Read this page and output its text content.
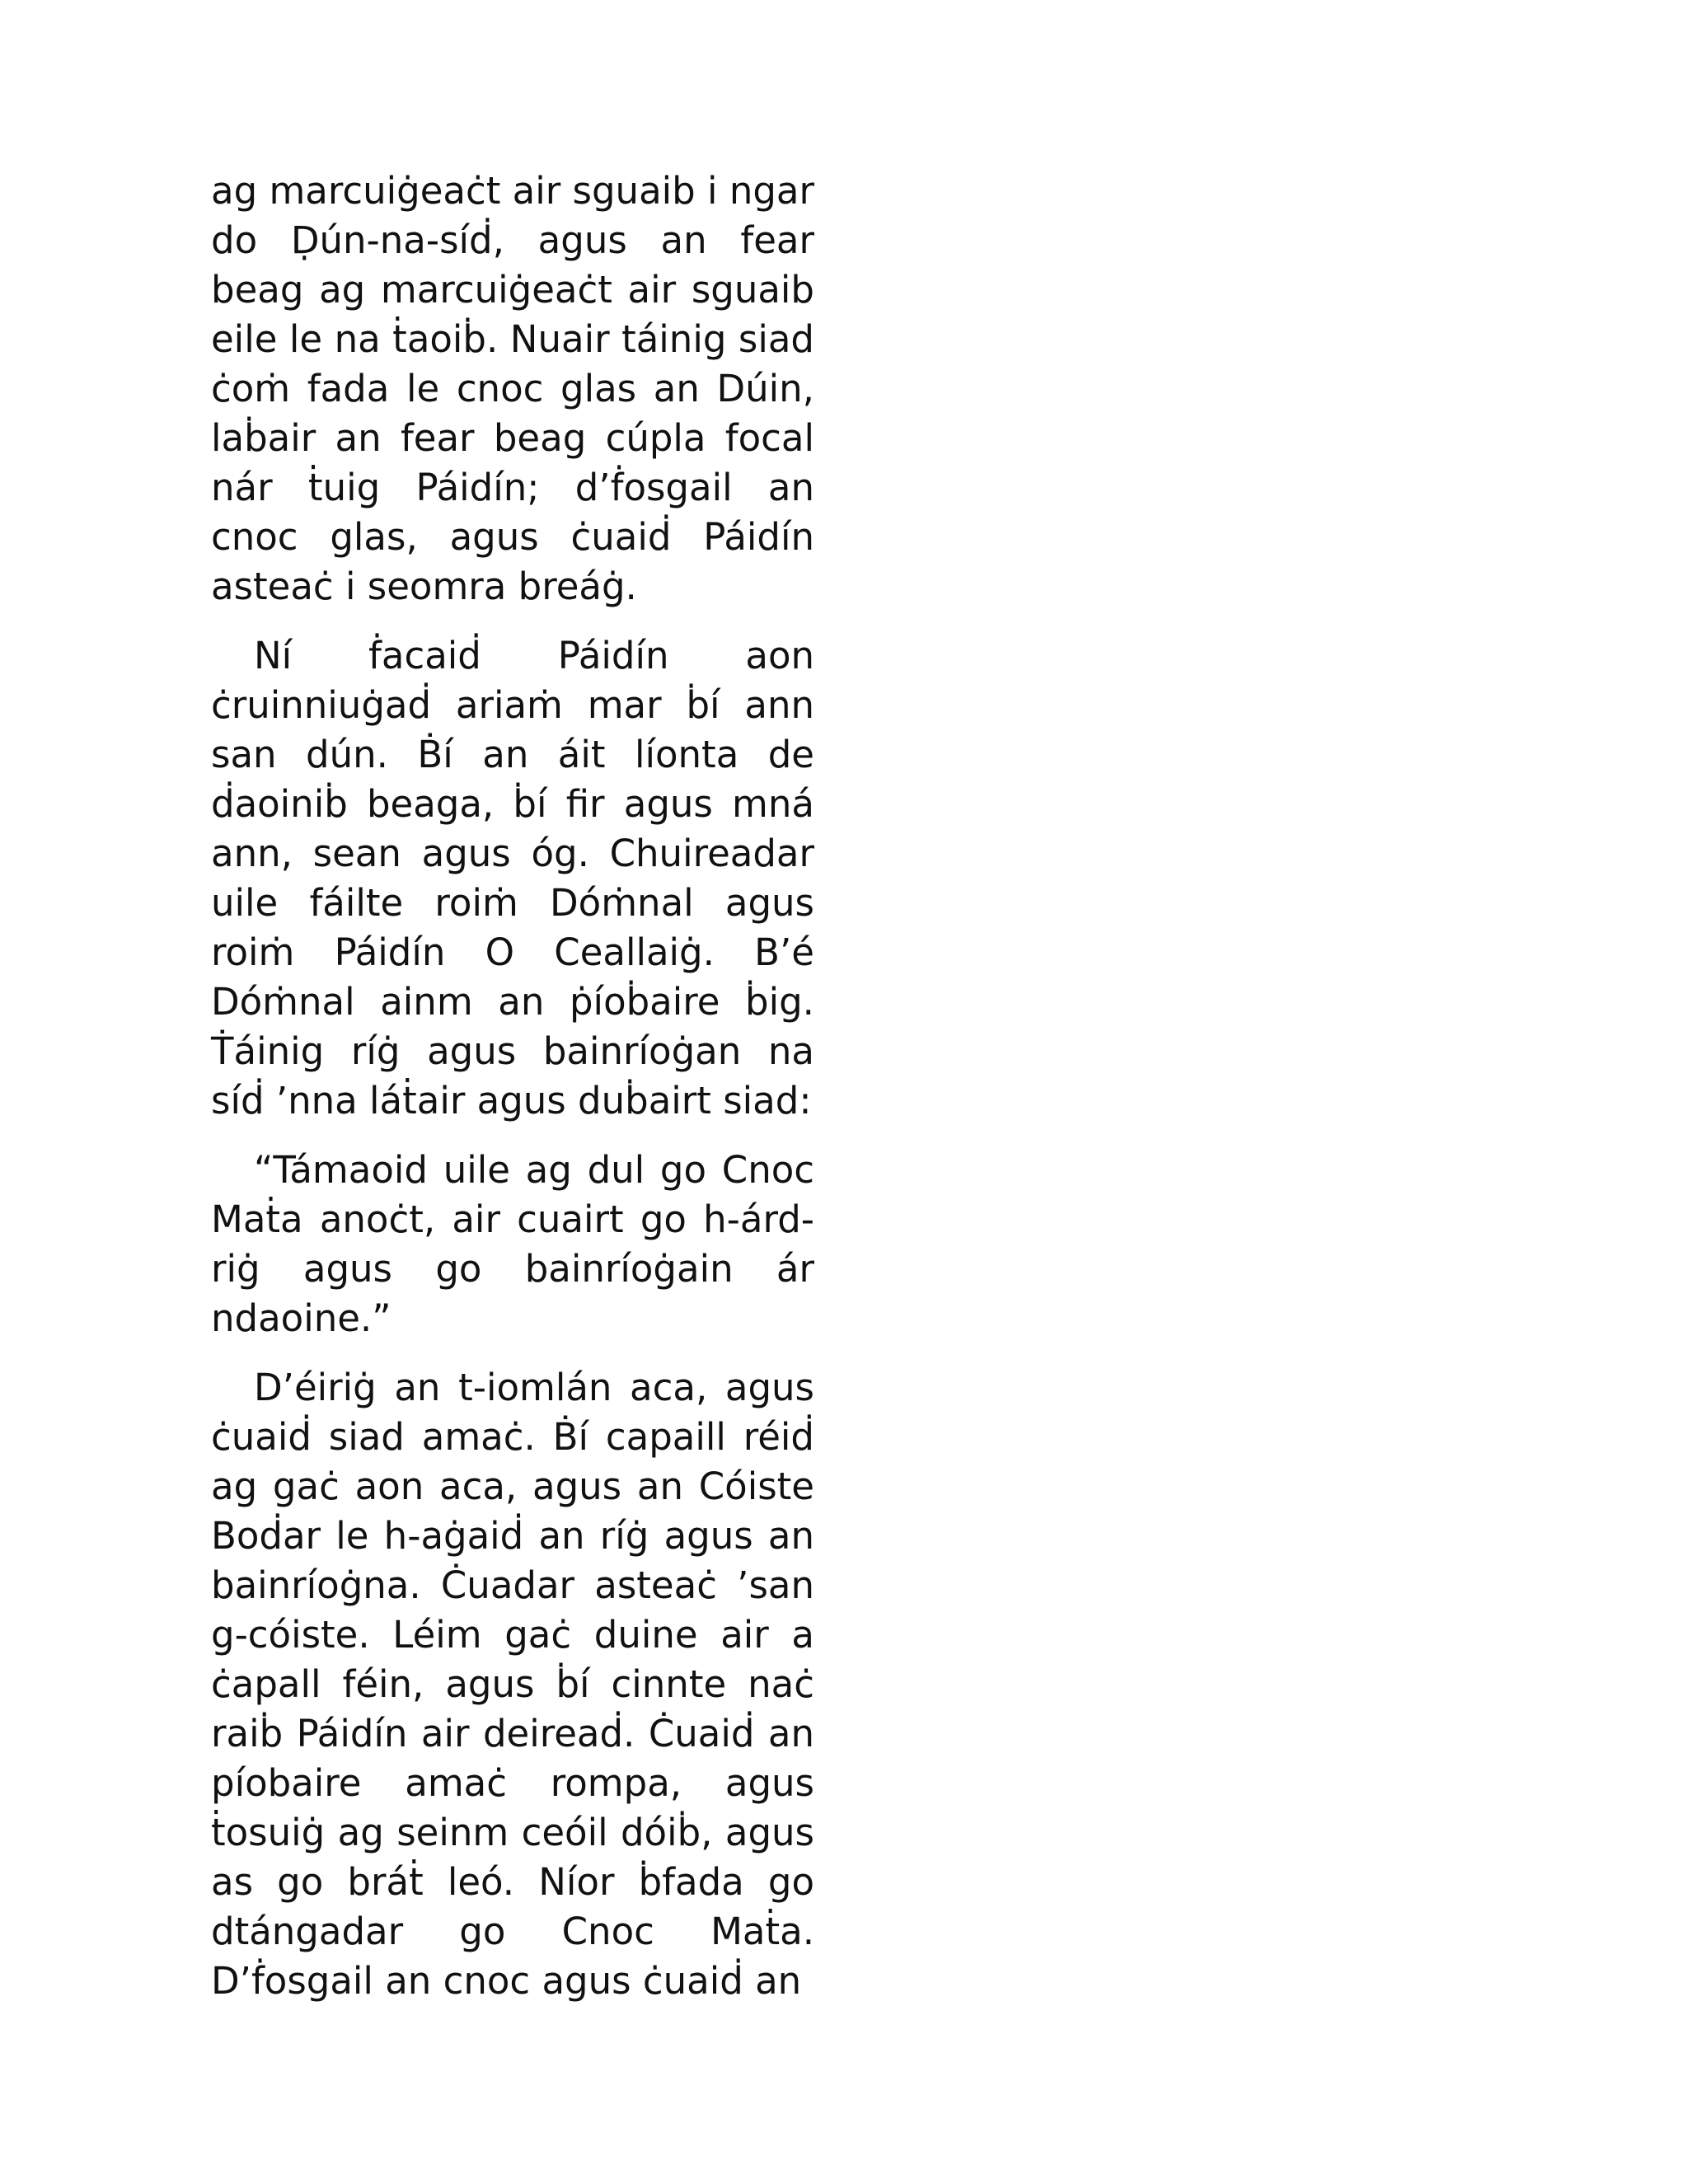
ag marcuiġeaċt air sguaib i ngar do Ḍún-na-síḋ, agus an fear beag ag marcuiġeaċt air sguaib eile le na ṫaoiḃ. Nuair táinig siad ċoṁ fada le cnoc glas an Dúin, laḃair an fear beag cúpla focal nár ṫuig Páidín; d’ḟosgail an cnoc glas, agus ċuaiḋ Páidín asteaċ i seomra breáġ.

Ní ḟacaiḋ Páidín aon ċruinniuġaḋ ariaṁ mar ḃí ann san dún. Ḃí an áit líonta de ḋaoiniḃ beaga, ḃí fir agus mná ann, sean agus óg. Chuireadar uile fáilte roiṁ Dóṁnal agus roiṁ Páidín O Ceallaiġ. B’é Dóṁnal ainm an ṗíoḃaire ḃig. Ṫáinig ríġ agus bainríoġan na síḋ ’nna láṫair agus duḃairt siad:

“Támaoid uile ag dul go Cnoc Maṫa anoċt, air cuairt go h-árd-riġ agus go bainríoġain ár ndaoine.”

D’éiriġ an t-iomlán aca, agus ċuaiḋ siad amaċ. Ḃí capaill réiḋ ag gaċ aon aca, agus an Cóiste Boḋar le h-aġaiḋ an ríġ agus an bainríoġna. Ċuadar asteaċ ’san g-cóiste. Léim gaċ duine air a ċapall féin, agus ḃí cinnte naċ raiḃ Páidín air deireaḋ. Ċuaiḋ an píobaire amaċ rompa, agus ṫosuiġ ag seinm ceóil dóiḃ, agus as go bráṫ leó. Níor ḃfada go dtángadar go Cnoc Maṫa. D’ḟosgail an cnoc agus ċuaiḋ an
